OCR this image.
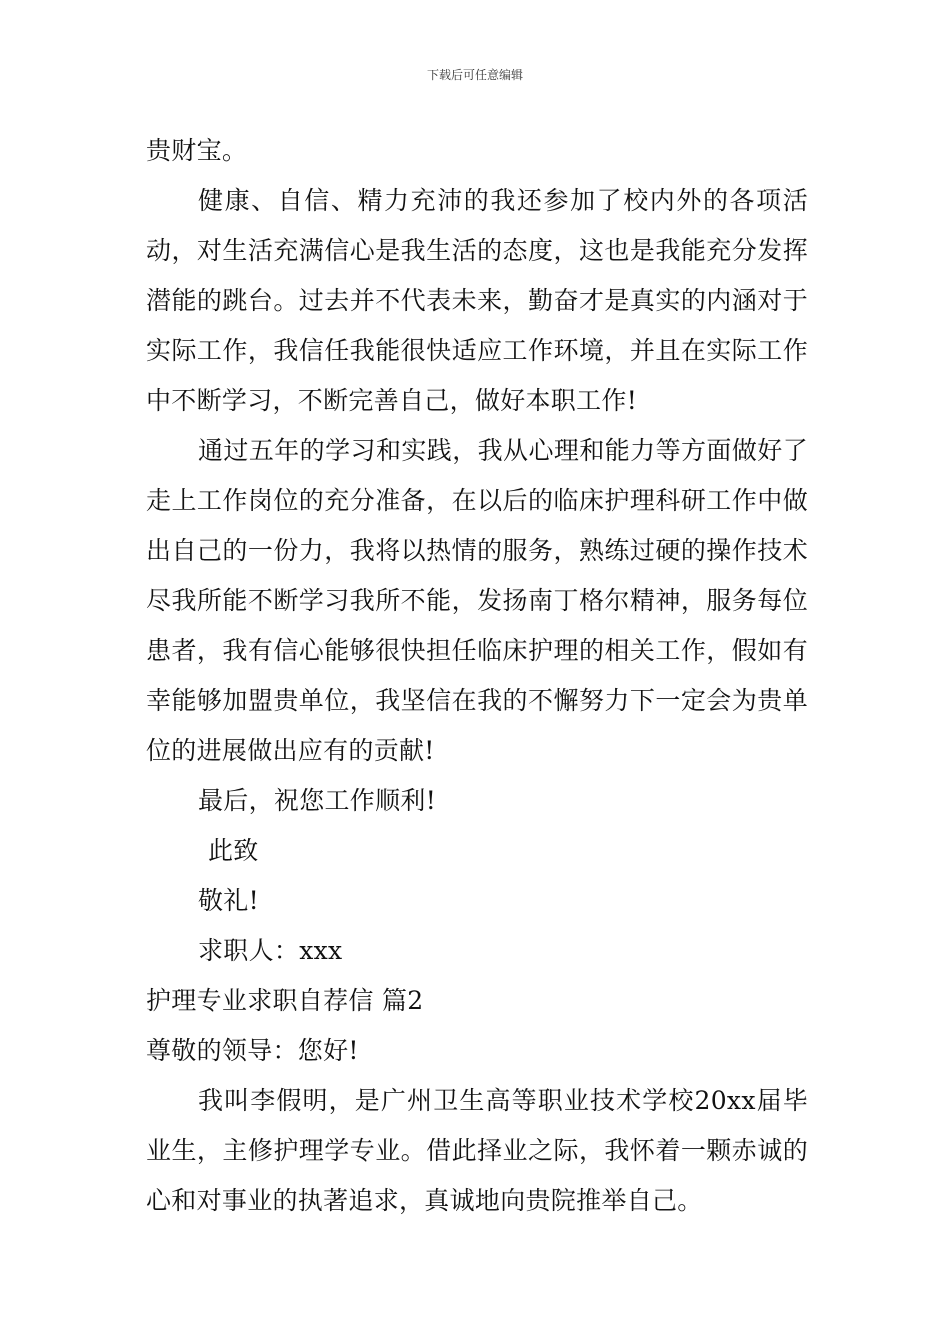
下载后可任意编辑

贵财宝。

健康、自信、精力充沛的我还参加了校内外的各项活动，对生活充满信心是我生活的态度，这也是我能充分发挥潜能的跳台。过去并不代表未来，勤奋才是真实的内涵对于实际工作，我信任我能很快适应工作环境，并且在实际工作中不断学习，不断完善自己，做好本职工作!

通过五年的学习和实践，我从心理和能力等方面做好了走上工作岗位的充分准备，在以后的临床护理科研工作中做出自己的一份力，我将以热情的服务，熟练过硬的操作技术尽我所能不断学习我所不能，发扬南丁格尔精神，服务每位患者，我有信心能够很快担任临床护理的相关工作，假如有幸能够加盟贵单位，我坚信在我的不懈努力下一定会为贵单位的进展做出应有的贡献!

最后，祝您工作顺利!

此致

敬礼!

求职人：xxx

护理专业求职自荐信 篇2

尊敬的领导：您好!

我叫李假明，是广州卫生高等职业技术学校20xx届毕业生，主修护理学专业。借此择业之际，我怀着一颗赤诚的心和对事业的执著追求，真诚地向贵院推举自己。
